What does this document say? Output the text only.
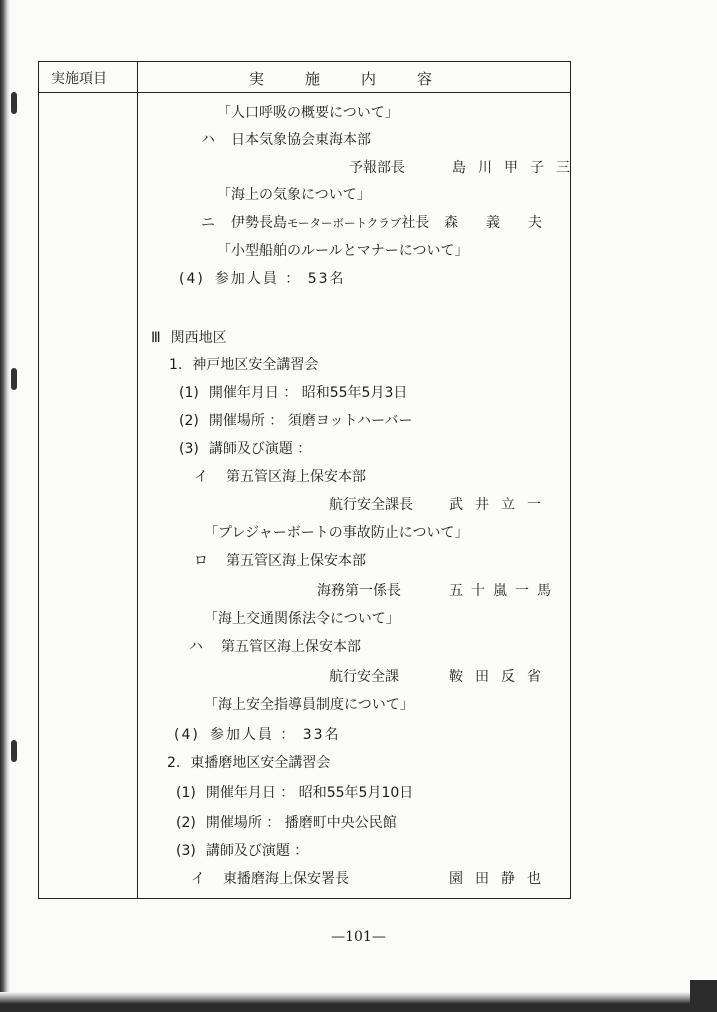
実施項目	実施内容
「人口呼吸の概要について」
ハ 日本気象協会東海本部
予報部長	島川甲子三
「海上の気象について」
ニ 伊勢長島モーターボートクラブ社長 森義夫
「小型船舶のルールとマナーについて」
(4) 参加人員 ： 53名
Ⅲ 関西地区
1. 神戸地区安全講習会
(1) 開催年月日 ： 昭和55年5月3日
(2) 開催場所 ： 須磨ヨットハーバー
(3) 講師及び演題 ：
イ 第五管区海上保安本部
航行安全課長	武井立一
「プレジャーボートの事故防止について」
ロ 第五管区海上保安本部
海務第一係長	五十嵐一馬
「海上交通関係法令について」
ハ 第五管区海上保安本部
航行安全課	鞍田反省
「海上安全指導員制度について」
(4) 参加人員 ： 33名
2. 東播磨地区安全講習会
(1) 開催年月日 ： 昭和55年5月10日
(2) 開催場所 ： 播磨町中央公民館
(3) 講師及び演題 ：
イ 東播磨海上保安署長	園田静也
—101—
